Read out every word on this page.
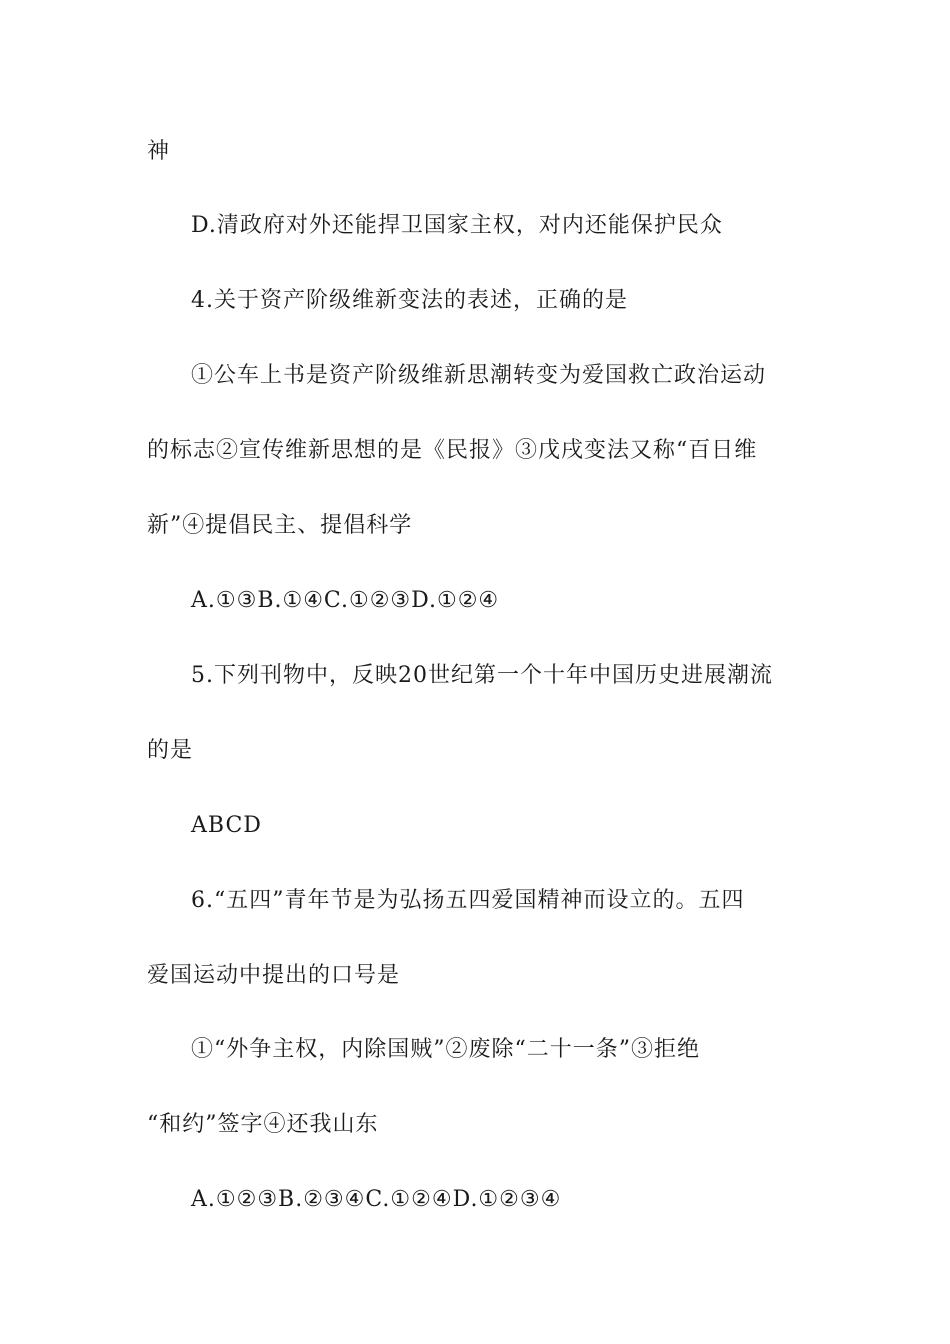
神
D.清政府对外还能捍卫国家主权，对内还能保护民众
4.关于资产阶级维新变法的表述，正确的是
①公车上书是资产阶级维新思潮转变为爱国救亡政治运动
的标志②宣传维新思想的是《民报》③戊戌变法又称“百日维
新”④提倡民主、提倡科学
A.①③B.①④C.①②③D.①②④
5.下列刊物中，反映20世纪第一个十年中国历史进展潮流
的是
ABCD
6.“五四”青年节是为弘扬五四爱国精神而设立的。五四
爱国运动中提出的口号是
①“外争主权，内除国贼”②废除“二十一条”③拒绝
“和约”签字④还我山东
A.①②③B.②③④C.①②④D.①②③④
